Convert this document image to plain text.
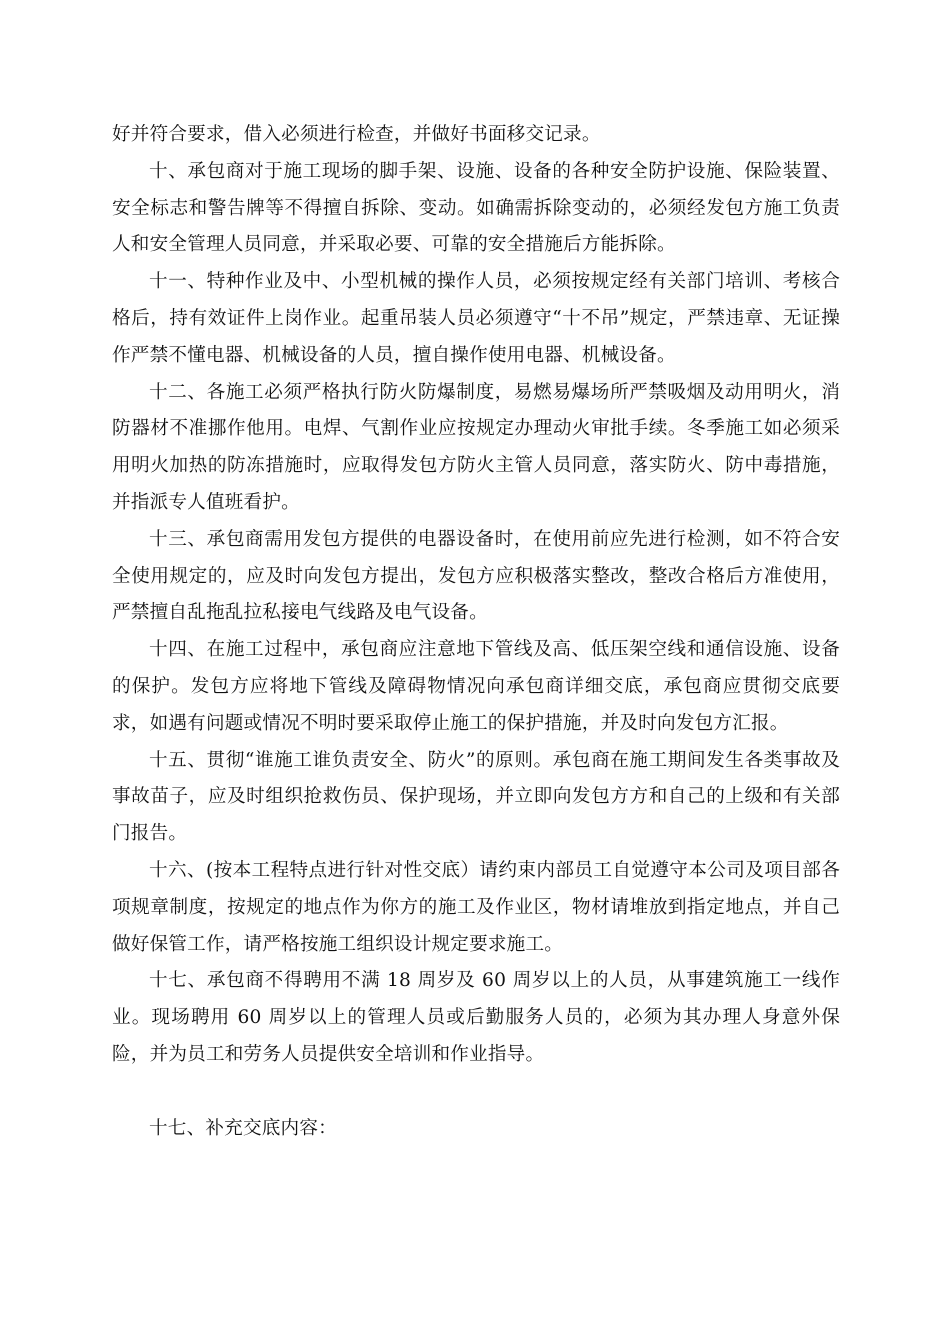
好并符合要求，借入必须进行检查，并做好书面移交记录。

十、承包商对于施工现场的脚手架、设施、设备的各种安全防护设施、保险装置、安全标志和警告牌等不得擅自拆除、变动。如确需拆除变动的，必须经发包方施工负责人和安全管理人员同意，并采取必要、可靠的安全措施后方能拆除。

十一、特种作业及中、小型机械的操作人员，必须按规定经有关部门培训、考核合格后，持有效证件上岗作业。起重吊装人员必须遵守“十不吊”规定，严禁违章、无证操作严禁不懂电器、机械设备的人员，擅自操作使用电器、机械设备。

十二、各施工必须严格执行防火防爆制度，易燃易爆场所严禁吸烟及动用明火，消防器材不准挪作他用。电焊、气割作业应按规定办理动火审批手续。冬季施工如必须采用明火加热的防冻措施时，应取得发包方防火主管人员同意，落实防火、防中毒措施，并指派专人值班看护。

十三、承包商需用发包方提供的电器设备时，在使用前应先进行检测，如不符合安全使用规定的，应及时向发包方提出，发包方应积极落实整改，整改合格后方准使用，严禁擅自乱拖乱拉私接电气线路及电气设备。

十四、在施工过程中，承包商应注意地下管线及高、低压架空线和通信设施、设备的保护。发包方应将地下管线及障碍物情况向承包商详细交底，承包商应贯彻交底要求，如遇有问题或情况不明时要采取停止施工的保护措施，并及时向发包方汇报。

十五、贯彻“谁施工谁负责安全、防火”的原则。承包商在施工期间发生各类事故及事故苗子，应及时组织抢救伤员、保护现场，并立即向发包方方和自己的上级和有关部门报告。

十六、(按本工程特点进行针对性交底）请约束内部员工自觉遵守本公司及项目部各项规章制度，按规定的地点作为你方的施工及作业区，物材请堆放到指定地点，并自己做好保管工作，请严格按施工组织设计规定要求施工。

十七、承包商不得聘用不满 18 周岁及 60 周岁以上的人员，从事建筑施工一线作业。现场聘用 60 周岁以上的管理人员或后勤服务人员的，必须为其办理人身意外保险，并为员工和劳务人员提供安全培训和作业指导。

十七、补充交底内容：
